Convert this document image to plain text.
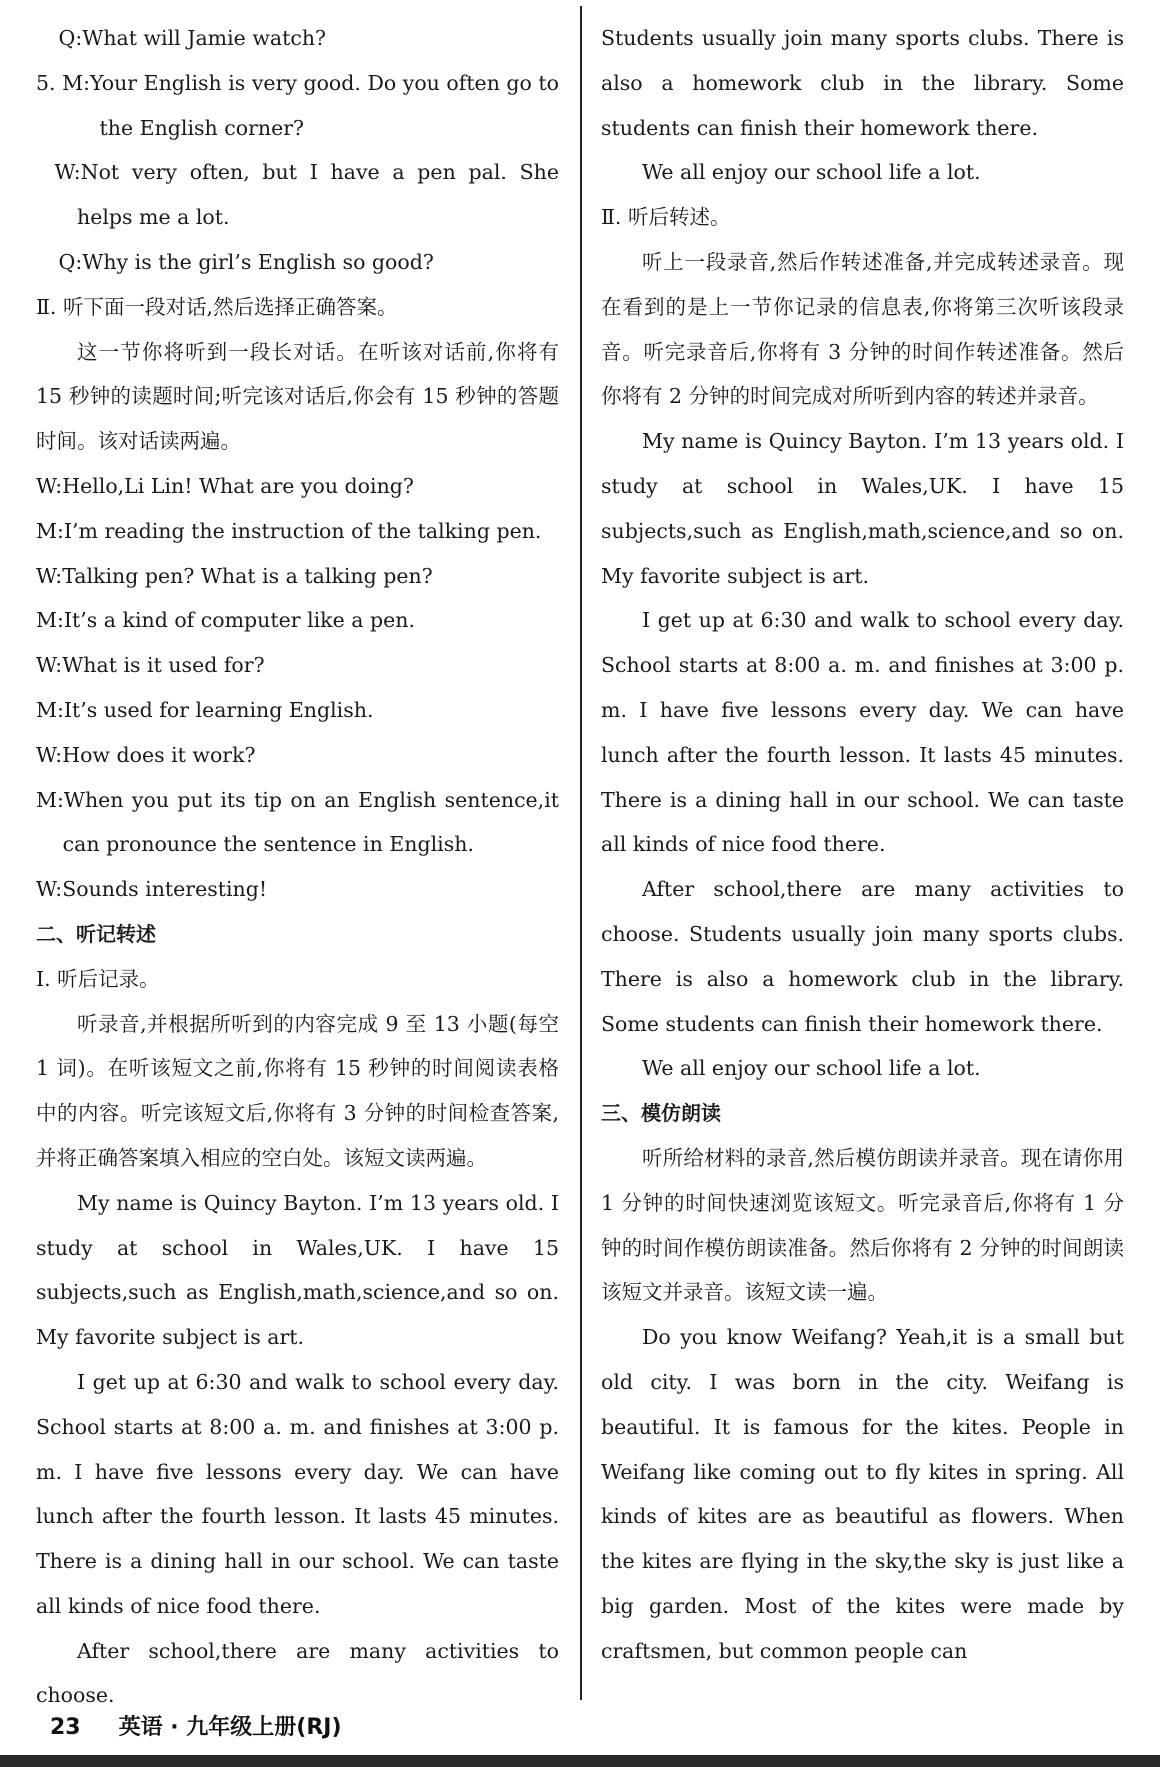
Q:What will Jamie watch?

5. M:Your English is very good. Do you often go to the English corner?

W:Not very often, but I have a pen pal. She helps me a lot.

Q:Why is the girl’s English so good?

Ⅱ. 听下面一段对话,然后选择正确答案。

这一节你将听到一段长对话。在听该对话前,你将有 15 秒钟的读题时间;听完该对话后,你会有 15 秒钟的答题时间。该对话读两遍。

W:Hello,Li Lin! What are you doing?

M:I’m reading the instruction of the talking pen.

W:Talking pen? What is a talking pen?

M:It’s a kind of computer like a pen.

W:What is it used for?

M:It’s used for learning English.

W:How does it work?

M:When you put its tip on an English sentence,it can pronounce the sentence in English.

W:Sounds interesting!

二、听记转述

Ⅰ. 听后记录。

听录音,并根据所听到的内容完成 9 至 13 小题(每空 1 词)。在听该短文之前,你将有 15 秒钟的时间阅读表格中的内容。听完该短文后,你将有 3 分钟的时间检查答案,并将正确答案填入相应的空白处。该短文读两遍。

My name is Quincy Bayton. I’m 13 years old. I study at school in Wales,UK. I have 15 subjects,such as English,math,science,and so on. My favorite subject is art.

I get up at 6:30 and walk to school every day. School starts at 8:00 a. m. and finishes at 3:00 p. m. I have five lessons every day. We can have lunch after the fourth lesson. It lasts 45 minutes. There is a dining hall in our school. We can taste all kinds of nice food there.

After school,there are many activities to choose.

Students usually join many sports clubs. There is also a homework club in the library. Some students can finish their homework there.

We all enjoy our school life a lot.

Ⅱ. 听后转述。

听上一段录音,然后作转述准备,并完成转述录音。现在看到的是上一节你记录的信息表,你将第三次听该段录音。听完录音后,你将有 3 分钟的时间作转述准备。然后你将有 2 分钟的时间完成对所听到内容的转述并录音。

My name is Quincy Bayton. I’m 13 years old. I study at school in Wales,UK. I have 15 subjects,such as English,math,science,and so on. My favorite subject is art.

I get up at 6:30 and walk to school every day. School starts at 8:00 a. m. and finishes at 3:00 p. m. I have five lessons every day. We can have lunch after the fourth lesson. It lasts 45 minutes. There is a dining hall in our school. We can taste all kinds of nice food there.

After school,there are many activities to choose. Students usually join many sports clubs. There is also a homework club in the library. Some students can finish their homework there.

We all enjoy our school life a lot.

三、模仿朗读

听所给材料的录音,然后模仿朗读并录音。现在请你用 1 分钟的时间快速浏览该短文。听完录音后,你将有 1 分钟的时间作模仿朗读准备。然后你将有 2 分钟的时间朗读该短文并录音。该短文读一遍。

Do you know Weifang? Yeah,it is a small but old city. I was born in the city. Weifang is beautiful. It is famous for the kites. People in Weifang like coming out to fly kites in spring. All kinds of kites are as beautiful as flowers. When the kites are flying in the sky,the sky is just like a big garden. Most of the kites were made by craftsmen, but common people can

23 英语 · 九年级上册(RJ)
